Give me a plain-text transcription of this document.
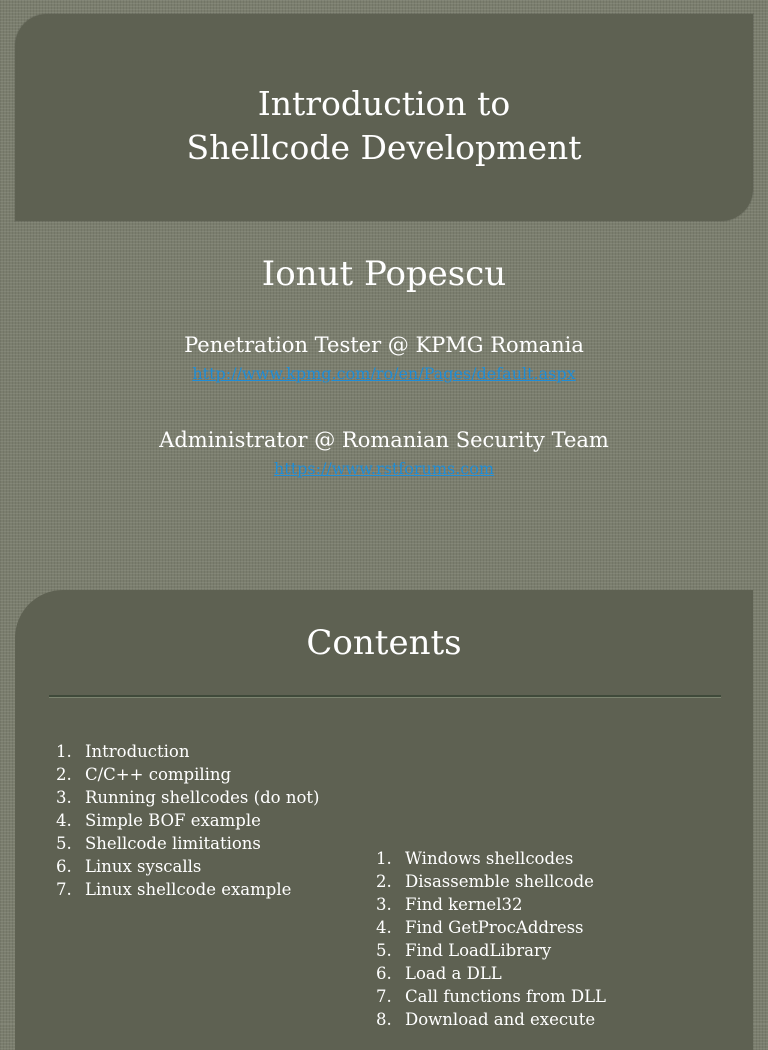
Introduction to
Shellcode Development
Ionut Popescu
Penetration Tester @ KPMG Romania
http://www.kpmg.com/ro/en/Pages/default.aspx
Administrator @ Romanian Security Team
https://www.rstforums.com
Contents
1. Introduction
2. C/C++ compiling
3. Running shellcodes (do not)
4. Simple BOF example
5. Shellcode limitations
6. Linux syscalls
7. Linux shellcode example
1. Windows shellcodes
2. Disassemble shellcode
3. Find kernel32
4. Find GetProcAddress
5. Find LoadLibrary
6. Load a DLL
7. Call functions from DLL
8. Download and execute
